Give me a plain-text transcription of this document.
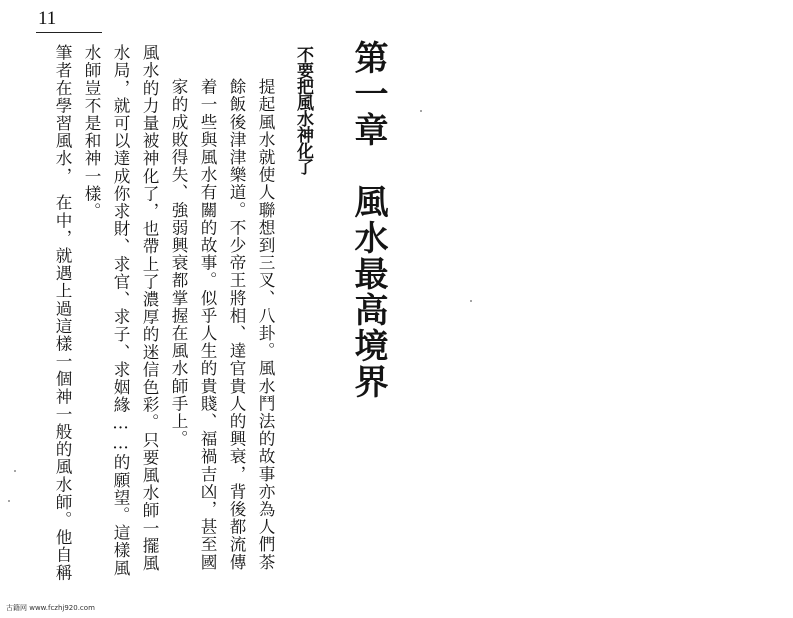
11
第一章　風水最高境界
不要把風水神化了

提起風水就使人聯想到三叉、八卦。風水鬥法的故事亦為人們茶餘飯後津津樂道。不少帝王將相、達官貴人的興衰，背後都流傳着一些與風水有關的故事。似乎人生的貴賤、福禍吉凶，甚至國家的成敗得失、強弱興衰都掌握在風水師手上。

風水的力量被神化了，也帶上了濃厚的迷信色彩。只要風水師一擺風水局，就可以達成你求財、求官、求子、求姻緣……的願望。這樣風水師豈不是和神一樣。

筆者在學習風水，　在中，就遇上過這樣一個神一般的風水師。他自稱

古籍网 www.fczhj920.com
